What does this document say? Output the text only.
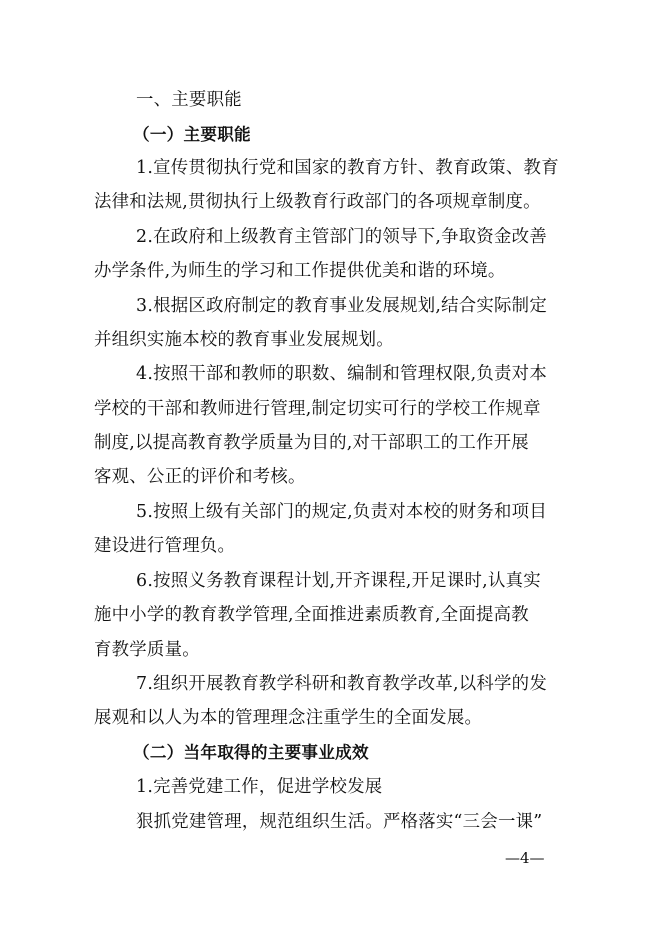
一、主要职能
（一）主要职能
1.宣传贯彻执行党和国家的教育方针、教育政策、教育
法律和法规,贯彻执行上级教育行政部门的各项规章制度。
2.在政府和上级教育主管部门的领导下,争取资金改善
办学条件,为师生的学习和工作提供优美和谐的环境。
3.根据区政府制定的教育事业发展规划,结合实际制定
并组织实施本校的教育事业发展规划。
4.按照干部和教师的职数、编制和管理权限,负责对本
学校的干部和教师进行管理,制定切实可行的学校工作规章
制度,以提高教育教学质量为目的,对干部职工的工作开展
客观、公正的评价和考核。
5.按照上级有关部门的规定,负责对本校的财务和项目
建设进行管理负。
6.按照义务教育课程计划,开齐课程,开足课时,认真实
施中小学的教育教学管理,全面推进素质教育,全面提高教
育教学质量。
7.组织开展教育教学科研和教育教学改革,以科学的发
展观和以人为本的管理理念注重学生的全面发展。
（二）当年取得的主要事业成效
1.完善党建工作，促进学校发展
狠抓党建管理，规范组织生活。严格落实“三会一课”
—4—
